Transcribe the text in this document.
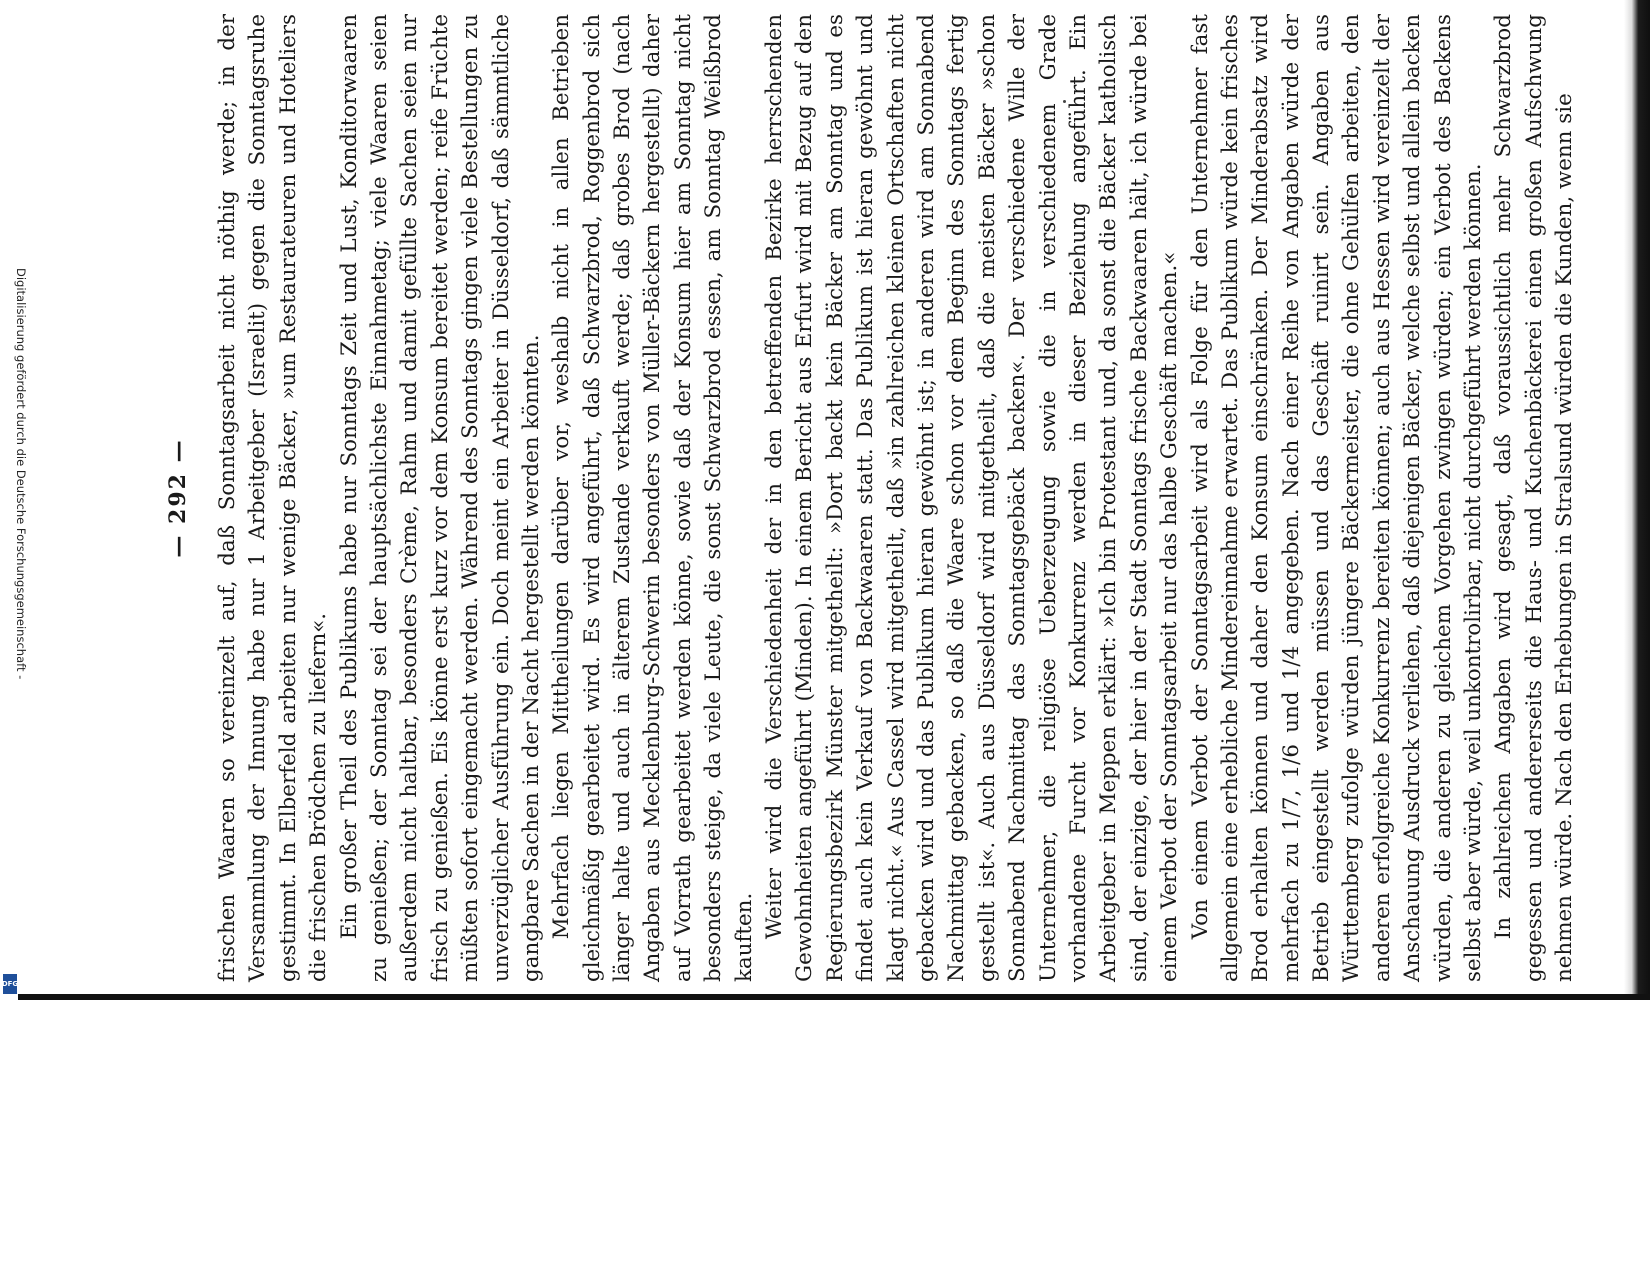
— 292 —	frischen Waaren so vereinzelt auf, daß Sonntagsarbeit nicht nöthig werde; in der Versammlung der Innung habe nur 1 Arbeitgeber (Israelit) gegen die Sonntagsruhe gestimmt. In Elberfeld arbeiten nur wenige Bäcker, »um Restaurateuren und Hoteliers die frischen Brödchen zu liefern«. Ein großer Theil des Publikums habe nur Sonntags Zeit und Lust, Konditorwaaren zu genießen; der Sonntag sei der hauptsächlichste Einnahmetag; viele Waaren seien außerdem nicht haltbar, besonders Crème, Rahm und damit gefüllte Sachen seien nur frisch zu genießen. Eis könne erst kurz vor dem Konsum bereitet werden; reife Früchte müßten sofort eingemacht werden. Während des Sonntags gingen viele Bestellungen zu unverzüglicher Ausführung ein. Doch meint ein Arbeiter in Düsseldorf, daß sämmtliche gangbare Sachen in der Nacht hergestellt werden könnten. Mehrfach liegen Mittheilungen darüber vor, weshalb nicht in allen Betrieben gleichmäßig gearbeitet wird. Es wird angeführt, daß Schwarzbrod, Roggenbrod sich länger halte und auch in älterem Zustande verkauft werde; daß grobes Brod (nach Angaben aus Mecklenburg-Schwerin besonders von Müller-Bäckern hergestellt) daher auf Vorrath gearbeitet werden könne, sowie daß der Konsum hier am Sonntag nicht besonders steige, da viele Leute, die sonst Schwarzbrod essen, am Sonntag Weißbrod kauften. Weiter wird die Verschiedenheit der in den betreffenden Bezirke herrschenden Gewohnheiten angeführt (Minden). In einem Bericht aus Erfurt wird mit Bezug auf den Regierungsbezirk Münster mitgetheilt: »Dort backt kein Bäcker am Sonntag und es findet auch kein Verkauf von Backwaaren statt. Das Publikum ist hieran gewöhnt und klagt nicht.« Aus Cassel wird mitgetheilt, daß »in zahlreichen kleinen Ortschaften nicht gebacken wird und das Publikum hieran gewöhnt ist; in anderen wird am Sonnabend Nachmittag gebacken, so daß die Waare schon vor dem Beginn des Sonntags fertig gestellt ist«. Auch aus Düsseldorf wird mitgetheilt, daß die meisten Bäcker »schon Sonnabend Nachmittag das Sonntagsgebäck backen«. Der verschiedene Wille der Unternehmer, die religiöse Ueberzeugung sowie die in verschiedenem Grade vorhandene Furcht vor Konkurrenz werden in dieser Beziehung angeführt. Ein Arbeitgeber in Meppen erklärt: »Ich bin Protestant und, da sonst die Bäcker katholisch sind, der einzige, der hier in der Stadt Sonntags frische Backwaaren hält, ich würde bei einem Verbot der Sonntagsarbeit nur das halbe Geschäft machen.« Von einem Verbot der Sonntagsarbeit wird als Folge für den Unternehmer fast allgemein eine erhebliche Mindereinnahme erwartet. Das Publikum würde kein frisches Brod erhalten können und daher den Konsum einschränken. Der Minderabsatz wird mehrfach zu 1/7, 1/6 und 1/4 angegeben. Nach einer Reihe von Angaben würde der Betrieb eingestellt werden müssen und das Geschäft ruinirt sein. Angaben aus Württemberg zufolge würden jüngere Bäckermeister, die ohne Gehülfen arbeiten, den anderen erfolgreiche Konkurrenz bereiten können; auch aus Hessen wird vereinzelt der Anschauung Ausdruck verliehen, daß diejenigen Bäcker, welche selbst und allein backen würden, die anderen zu gleichem Vorgehen zwingen würden; ein Verbot des Backens selbst aber würde, weil unkontrolirbar, nicht durchgeführt werden können. In zahlreichen Angaben wird gesagt, daß voraussichtlich mehr Schwarzbrod gegessen und andererseits die Haus- und Kuchenbäckerei einen großen Aufschwung nehmen würde. Nach den Erhebungen in Stralsund würden die Kunden, wenn sie

Digitalisierung gefördert durch die Deutsche Forschungsgemeinschaft -
DFG
